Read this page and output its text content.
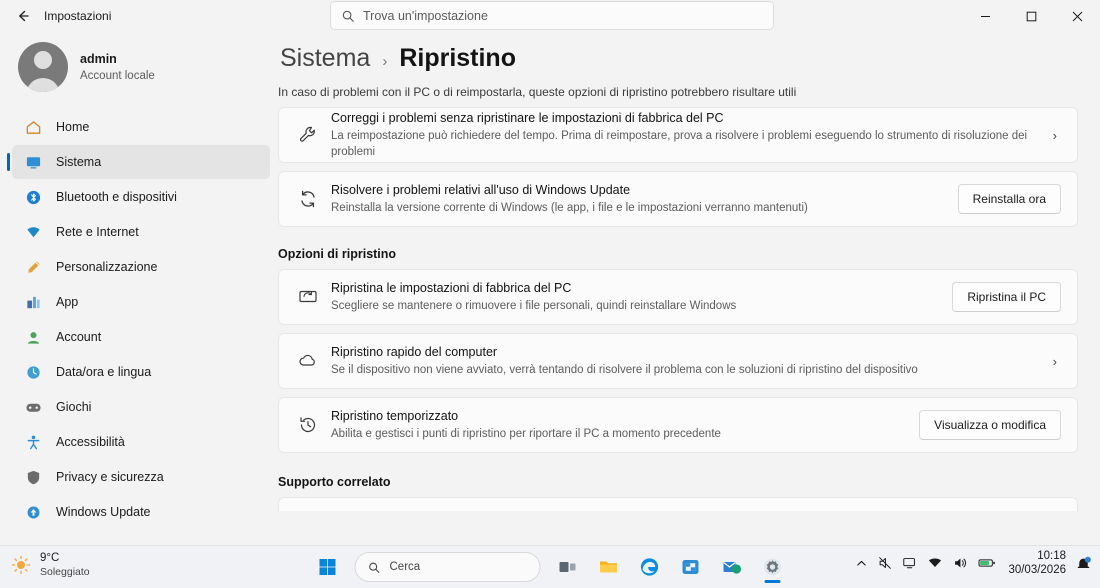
Impostazioni	Trova un'impostazione
admin
Account locale
Home
Sistema
Bluetooth e dispositivi
Rete e Internet
Personalizzazione
App
Account
Data/ora e lingua
Giochi
Accessibilità
Privacy e sicurezza
Windows Update
Sistema › Ripristino
In caso di problemi con il PC o di reimpostarla, queste opzioni di ripristino potrebbero risultare utili
Correggi i problemi senza ripristinare le impostazioni di fabbrica del PC
La reimpostazione può richiedere del tempo. Prima di reimpostare, prova a risolvere i problemi eseguendo lo strumento di risoluzione dei problemi
›
Risolvere i problemi relativi all'uso di Windows Update
Reinstalla la versione corrente di Windows (le app, i file e le impostazioni verranno mantenuti)
Reinstalla ora
Opzioni di ripristino
Ripristina le impostazioni di fabbrica del PC
Scegliere se mantenere o rimuovere i file personali, quindi reinstallare Windows
Ripristina il PC
Ripristino rapido del computer
Se il dispositivo non viene avviato, verrà tentando di risolvere il problema con le soluzioni di ripristino del dispositivo
›
Ripristino temporizzato
Abilita e gestisci i punti di ripristino per riportare il PC a momento precedente
Visualizza o modifica
Supporto correlato
9°C
Soleggiato	Cerca
10:18
30/03/2026
